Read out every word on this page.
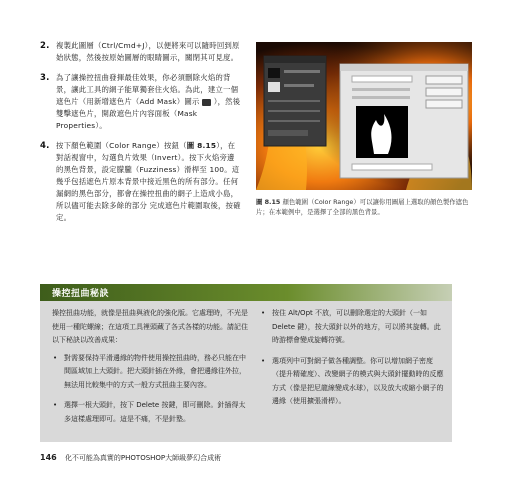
2. 複製此圖層（Ctrl/Cmd+J），以便將來可以隨時回到原始狀態，然後按原始圖層的眼睛圖示，關閉其可見度。
3. 為了讓操控扭曲發揮最佳效果，你必須刪除火焰的背景，讓此工具的網子能單獨套住火焰。為此，建立一個遮色片（用新增遮色片（Add Mask）圖示 ），然後雙擊遮色片，開啟遮色片內容面板（Mask Properties）。
4. 按下顏色範圍（Color Range）按鈕（圖 8.15），在對話視窗中，勾選負片效果（Invert）。按下火焰旁邊的黑色背景，設定朦朧（Fuzziness）滑桿至 100。這幾乎包括遮色片原本背景中接近黑色的所有部分。任何漏網的黑色部分，都會在操控扭曲的網子上造成小島，所以儘可能去除多餘的部分 完成遮色片範圍取後，按確定。
圖 8.15 顏色範圍（Color Range）可以讓你用圖層上選取的顏色製作遮色片；在本範例中，是選擇了全部的黑色背景。
操控扭曲秘訣

操控扭曲功能，就像是扭曲與液化的強化版。它處理時，不光是使用一種陀螺線；在這項工具裡頭藏了各式各樣的功能。請記住以下秘訣以改善成果：

• 對需要保持平滑邊緣的物件使用操控扭曲時，務必只能在中間區域加上大頭針。把大頭針插在外緣，會把邊緣往外拉，無法用比較集中的方式一般方式扭曲主要內容。
• 選擇一根大頭針，按下 Delete 按鍵，即可刪除。針插得太多這樣處理即可。這是不痛，不是針塾。
• 按住 Alt/Opt 不放，可以刪除選定的大頭針（一如 Delete 鍵），按大頭針以外的地方，可以將其旋轉。此時游標會變成旋轉符號。
• 選項列中可對網子做各種調整。你可以增加網子密度（提升精確度）、改變網子的模式與大頭針擺動時的反應方式（像是把尼龍線變成水球），以及放大或縮小網子的邊緣（使用擴張滑桿）。
146 化不可能為真實的PHOTOSHOP大師級夢幻合成術
